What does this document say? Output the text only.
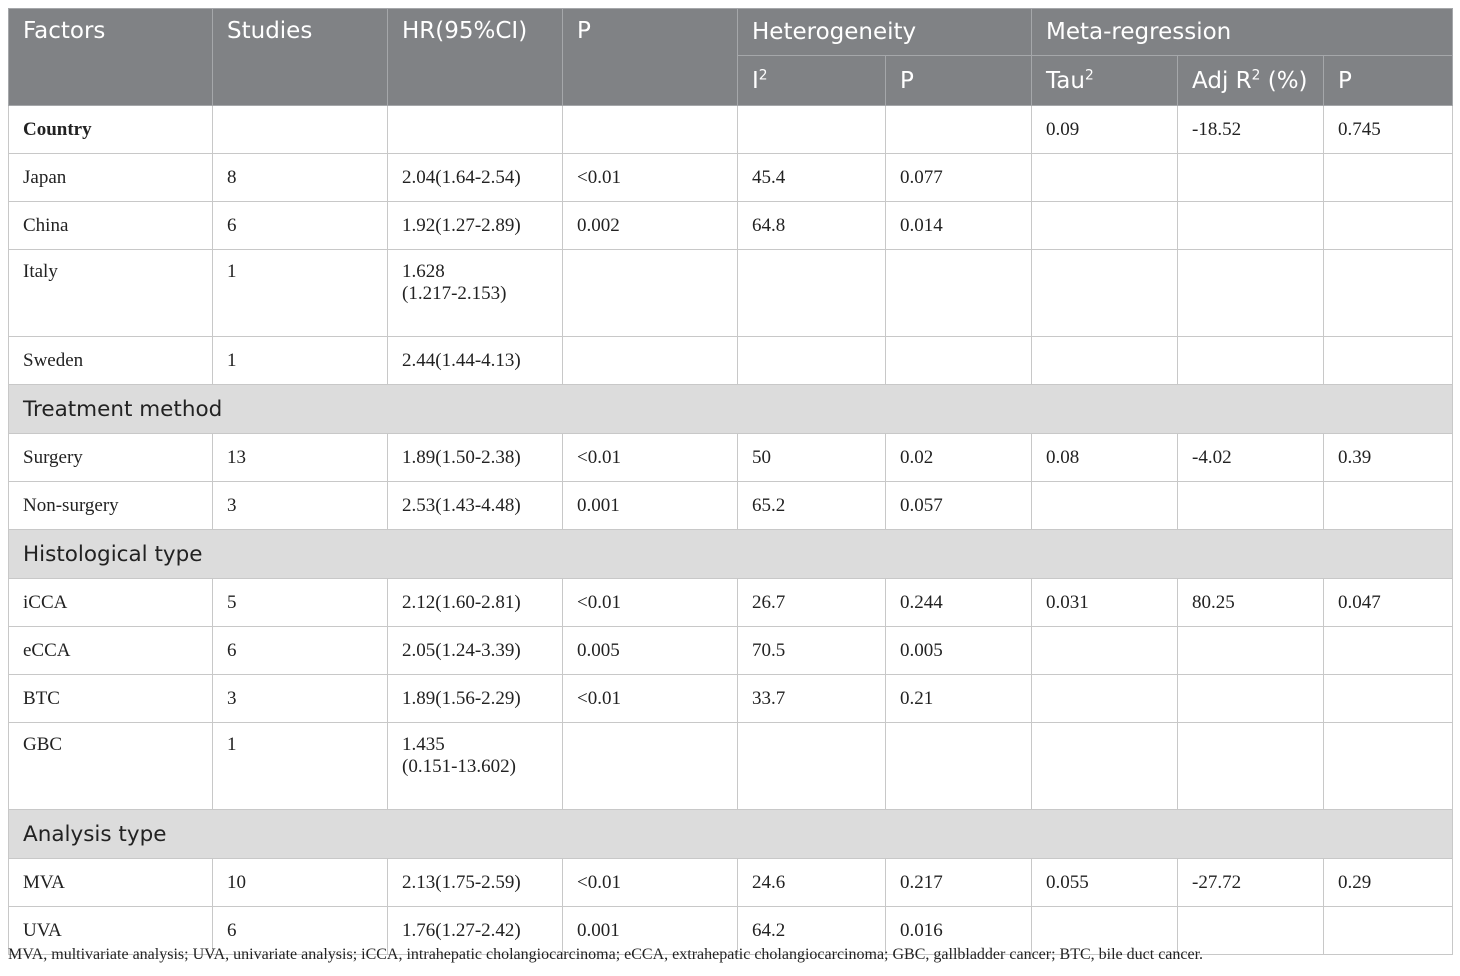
Factors	Studies	HR(95%CI)	P	Heterogeneity		Meta-regression		
				$I^2$	P	Tau$^2$	Adj $R^2$ (%)	P
Country						0.09	-18.52	0.745
Japan	8	2.04(1.64-2.54)	<0.01	45.4	0.077			
China	6	1.92(1.27-2.89)	0.002	64.8	0.014			
Italy	1	1.628
(1.217-2.153)						

Sweden	1	2.44(1.44-4.13)						
Treatment method								
Surgery	13	1.89(1.50-2.38)	<0.01	50	0.02	0.08	-4.02	0.39
Non-surgery	3	2.53(1.43-4.48)	0.001	65.2	0.057			
Histological type								
iCCA	5	2.12(1.60-2.81)	<0.01	26.7	0.244	0.031	80.25	0.047
eCCA	6	2.05(1.24-3.39)	0.005	70.5	0.005			
BTC	3	1.89(1.56-2.29)	<0.01	33.7	0.21			
GBC	1	1.435
(0.151-13.602)						

Analysis type								
MVA	10	2.13(1.75-2.59)	<0.01	24.6	0.217	0.055	-27.72	0.29
UVA	6	1.76(1.27-2.42)	0.001	64.2	0.016			
MVA, multivariate analysis; UVA, univariate analysis; iCCA, intrahepatic cholangiocarcinoma; eCCA, extrahepatic cholangiocarcinoma; GBC, gallbladder cancer; BTC, bile duct cancer.
